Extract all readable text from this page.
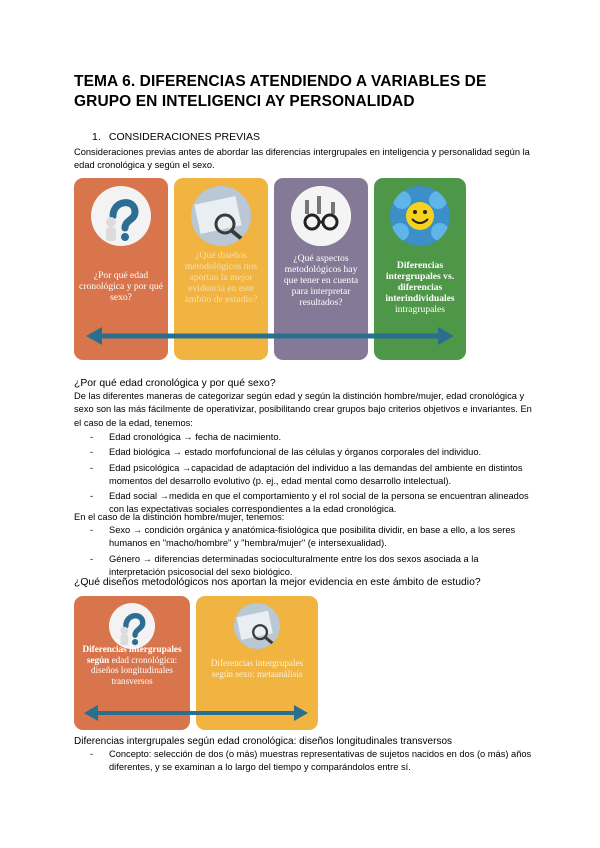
TEMA 6. DIFERENCIAS ATENDIENDO A VARIABLES DE GRUPO EN INTELIGENCI AY PERSONALIDAD
1. CONSIDERACIONES PREVIAS
Consideraciones previas antes de abordar las diferencias intergrupales en inteligencia y personalidad según la edad cronológica y según el sexo.
¿Por qué edad cronológica y por qué sexo?
¿Qué diseños metodológicos nos aportan la mejor evidencia en este ámbito de estudio?
¿Qué aspectos metodológicos hay que tener en cuenta para interpretar resultados?
Diferencias intergrupales vs. diferencias interindividuales intragrupales
¿Por qué edad cronológica y por qué sexo?
De las diferentes maneras de categorizar según edad y según la distinción hombre/mujer, edad cronológica y sexo son las más fácilmente de operativizar, posibilitando crear grupos bajo criterios objetivos e invariantes. En el caso de la edad, tenemos:
- Edad cronológica → fecha de nacimiento.
- Edad biológica → estado morfofuncional de las células y órganos corporales del individuo.
- Edad psicológica →capacidad de adaptación del individuo a las demandas del ambiente en distintos momentos del desarrollo evolutivo (p. ej., edad mental como desarrollo intelectual).
- Edad social →medida en que el comportamiento y el rol social de la persona se encuentran alineados con las expectativas sociales correspondientes a la edad cronológica.
En el caso de la distinción hombre/mujer, tenemos:
- Sexo → condición orgánica y anatómica-fisiológica que posibilita dividir, en base a ello, a los seres humanos en "macho/hombre" y "hembra/mujer" (e intersexualidad).
- Género → diferencias determinadas socioculturalmente entre los dos sexos asociada a la interpretación psicosocial del sexo biológico.
¿Qué diseños metodológicos nos aportan la mejor evidencia en este ámbito de estudio?
Diferencias intergrupales según edad cronológica: diseños longitudinales transversos
Diferencias intergrupales según sexo: metaanálisis
Diferencias intergrupales según edad cronológica: diseños longitudinales transversos
- Concepto: selección de dos (o más) muestras representativas de sujetos nacidos en dos (o más) años diferentes, y se examinan a lo largo del tiempo y comparándolos entre sí.
